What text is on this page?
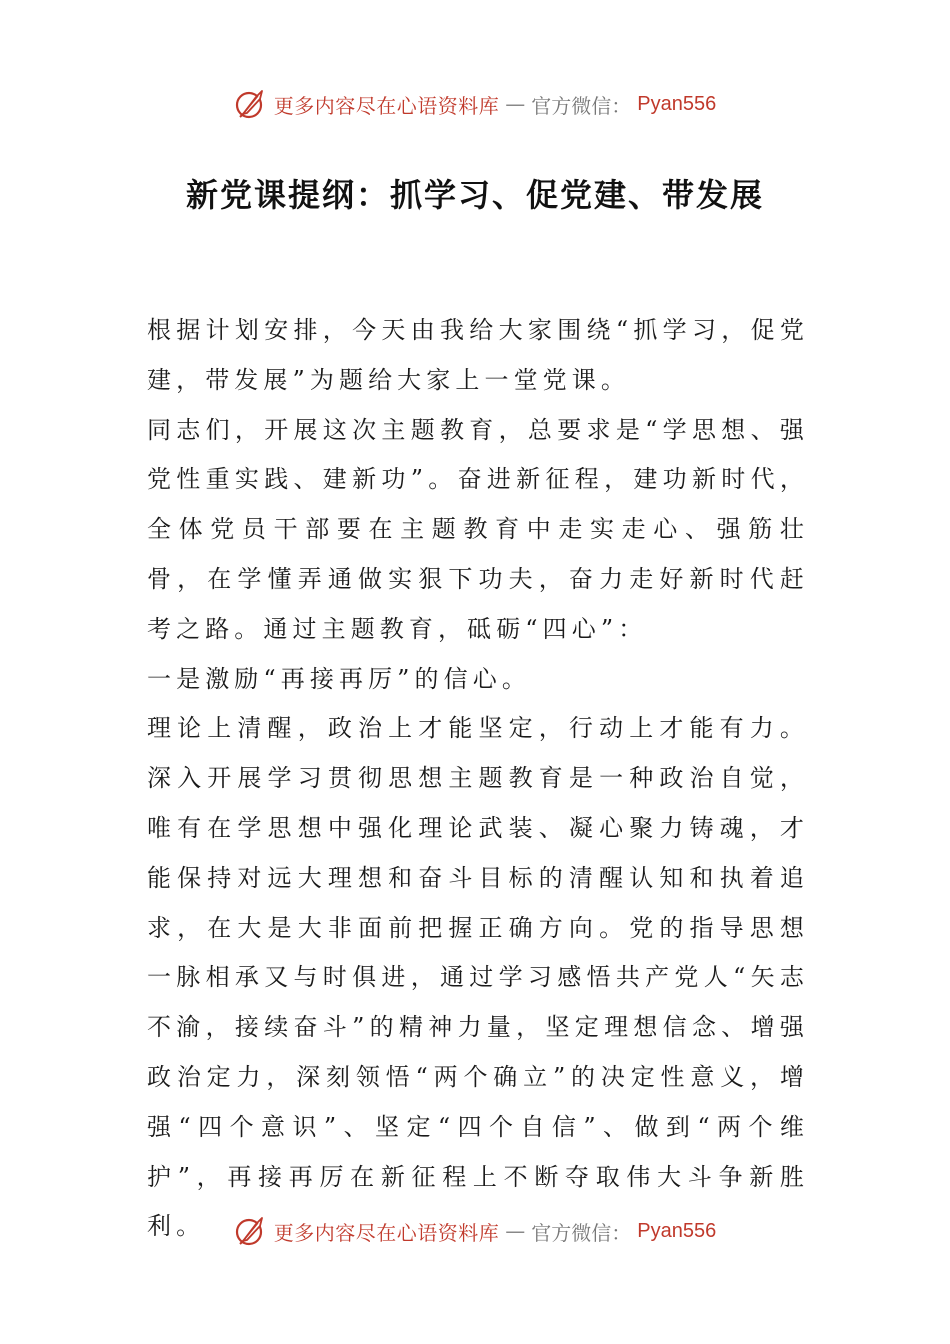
更多内容尽在心语资料库 — 官方微信： Pyan556
新党课提纲：抓学习、促党建、带发展

根据计划安排，今天由我给大家围绕“抓学习，促党建，带发展”为题给大家上一堂党课。

同志们，开展这次主题教育，总要求是“学思想、强党性重实践、建新功”。奋进新征程，建功新时代，全体党员干部要在主题教育中走实走心、强筋壮骨，在学懂弄通做实狠下功夫，奋力走好新时代赶考之路。通过主题教育，砥砺“四心”：

一是激励“再接再厉”的信心。

理论上清醒，政治上才能坚定，行动上才能有力。深入开展学习贯彻思想主题教育是一种政治自觉，唯有在学思想中强化理论武装、凝心聚力铸魂，才能保持对远大理想和奋斗目标的清醒认知和执着追求，在大是大非面前把握正确方向。党的指导思想一脉相承又与时俱进，通过学习感悟共产党人“矢志不渝，接续奋斗”的精神力量，坚定理想信念、增强政治定力，深刻领悟“两个确立”的决定性意义，增强“四个意识”、坚定“四个自信”、做到“两个维护”，再接再厉在新征程上不断夺取伟大斗争新胜利。	更多内容尽在心语资料库 — 官方微信： Pyan556
